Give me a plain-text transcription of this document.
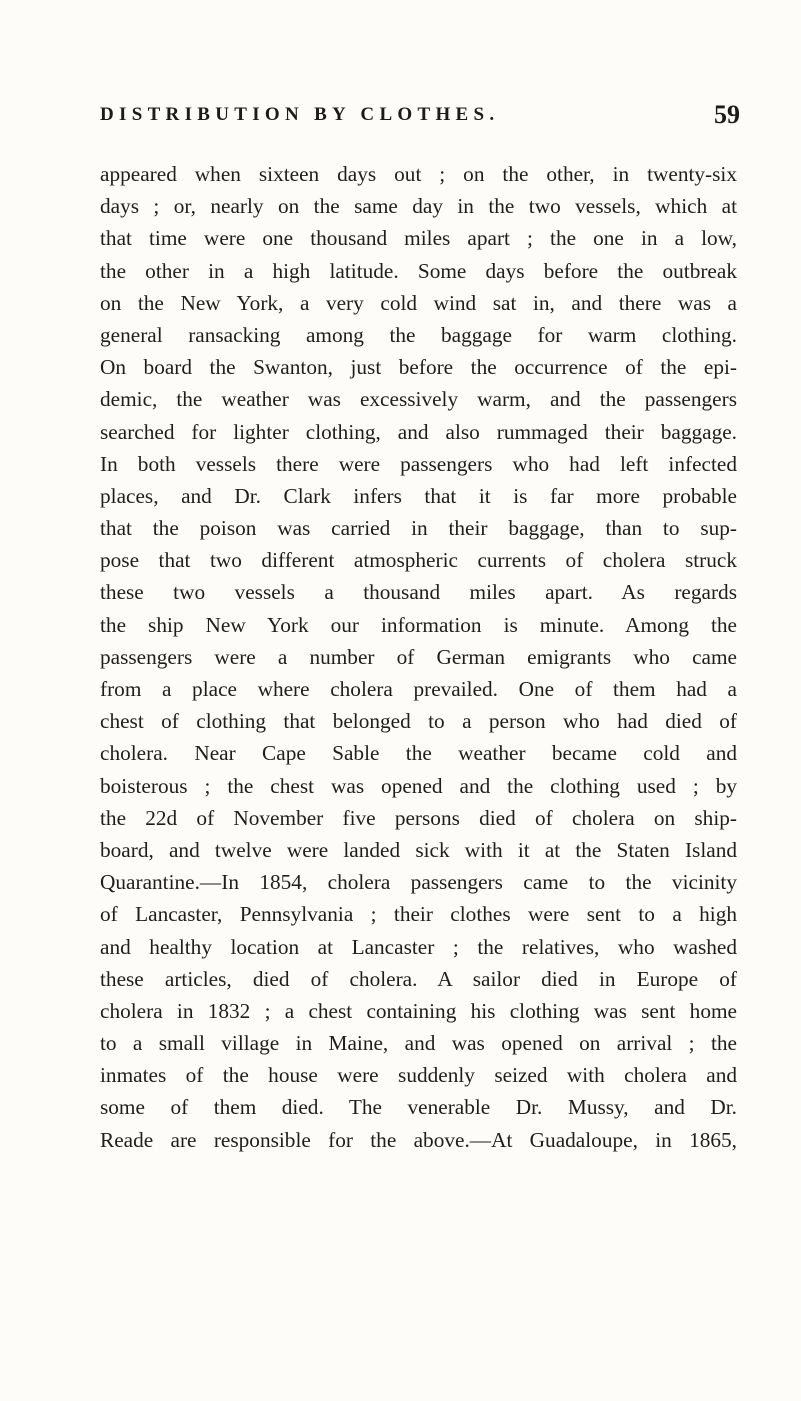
DISTRIBUTION BY CLOTHES.	59
appeared when sixteen days out ; on the other, in twenty-six
days ; or, nearly on the same day in the two vessels, which at
that time were one thousand miles apart ; the one in a low,
the other in a high latitude. Some days before the outbreak
on the New York, a very cold wind sat in, and there was a
general ransacking among the baggage for warm clothing.
On board the Swanton, just before the occurrence of the epi-
demic, the weather was excessively warm, and the passengers
searched for lighter clothing, and also rummaged their baggage.
In both vessels there were passengers who had left infected
places, and Dr. Clark infers that it is far more probable
that the poison was carried in their baggage, than to sup-
pose that two different atmospheric currents of cholera struck
these two vessels a thousand miles apart. As regards
the ship New York our information is minute. Among the
passengers were a number of German emigrants who came
from a place where cholera prevailed. One of them had a
chest of clothing that belonged to a person who had died of
cholera. Near Cape Sable the weather became cold and
boisterous ; the chest was opened and the clothing used ; by
the 22d of November five persons died of cholera on ship-
board, and twelve were landed sick with it at the Staten Island
Quarantine.—In 1854, cholera passengers came to the vicinity
of Lancaster, Pennsylvania ; their clothes were sent to a high
and healthy location at Lancaster ; the relatives, who washed
these articles, died of cholera. A sailor died in Europe of
cholera in 1832 ; a chest containing his clothing was sent home
to a small village in Maine, and was opened on arrival ; the
inmates of the house were suddenly seized with cholera and
some of them died. The venerable Dr. Mussy, and Dr.
Reade are responsible for the above.—At Guadaloupe, in 1865,
